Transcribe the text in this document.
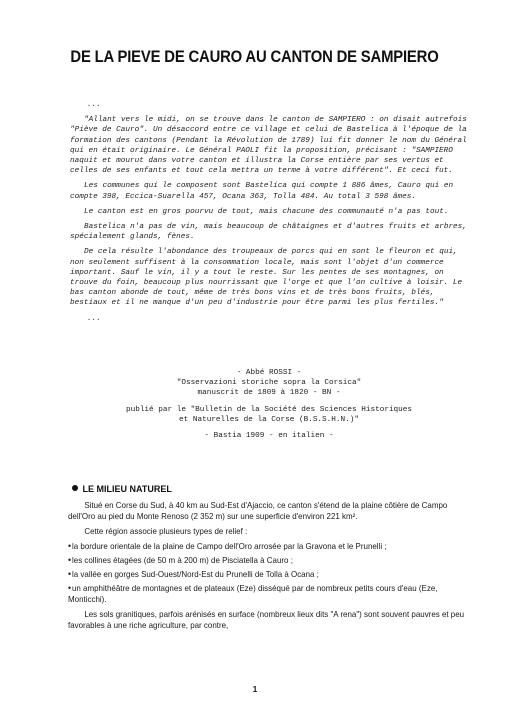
DE LA PIEVE DE CAURO AU CANTON DE SAMPIERO

...

"Allant vers le midi, on se trouve dans le canton de SAMPIERO : on disait autrefois "Piève de Cauro". Un désaccord entre ce village et celui de Bastelica à l'époque de la formation des cantons (Pendant la Révolution de 1789) lui fit donner le nom du Général qui en était originaire. Le Général PAOLI fit la proposition, précisant : "SAMPIERO naquit et mourut dans votre canton et illustra la Corse entière par ses vertus et celles de ses enfants et tout cela mettra un terme à votre différent". Et ceci fut.

Les communes qui le composent sont Bastelica qui compte 1 886 âmes, Cauro qui en compte 398, Eccica-Suarella 457, Ocana 363, Tolla 484. Au total 3 598 âmes.

Le canton est en gros pourvu de tout, mais chacune des communauté n'a pas tout.

Bastelica n'a pas de vin, mais beaucoup de châtaignes et d'autres fruits et arbres, spécialement glands, fènes.

De cela résulte l'abondance des troupeaux de porcs qui en sont le fleuron et qui, non seulement suffisent à la consommation locale, mais sont l'objet d'un commerce important. Sauf le vin, il y a tout le reste. Sur les pentes de ses montagnes, on trouve du foin, beaucoup plus nourrissant que l'orge et que l'on cultive à loisir. Le bas canton abonde de tout, même de très bons vins et de très bons fruits, blés, bestiaux et il ne manque d'un peu d'industrie pour être parmi les plus fertiles."

...

- Abbé ROSSI -
"Osservazioni storiche sopra la Corsica"
manuscrit de 1809 à 1820 - BN -
publié par le "Bulletin de la Société des Sciences Historiques
et Naturelles de la Corse (B.S.S.H.N.)"
- Bastia 1909 - en italien -
LE MILIEU NATUREL

Situé en Corse du Sud, à 40 km au Sud-Est d'Ajaccio, ce canton s'étend de la plaine côtière de Campo dell'Oro au pied du Monte Renoso (2 352 m) sur une superficie d'environ 221 km².

Cette région associe plusieurs types de relief :

•la bordure orientale de la plaine de Campo dell'Oro arrosée par la Gravona et le Prunelli ;
•les collines étagées (de 50 m à 200 m) de Pisciatella à Cauro ;
•la vallée en gorges Sud-Ouest/Nord-Est du Prunelli de Tolla à Ocana ;
•un amphithéâtre de montagnes et de plateaux (Eze) disséqué par de nombreux petits cours d'eau (Eze, Monticchi).

Les sols granitiques, parfois arénisés en surface (nombreux lieux dits "A rena") sont souvent pauvres et peu favorables à une riche agriculture, par contre,

1
